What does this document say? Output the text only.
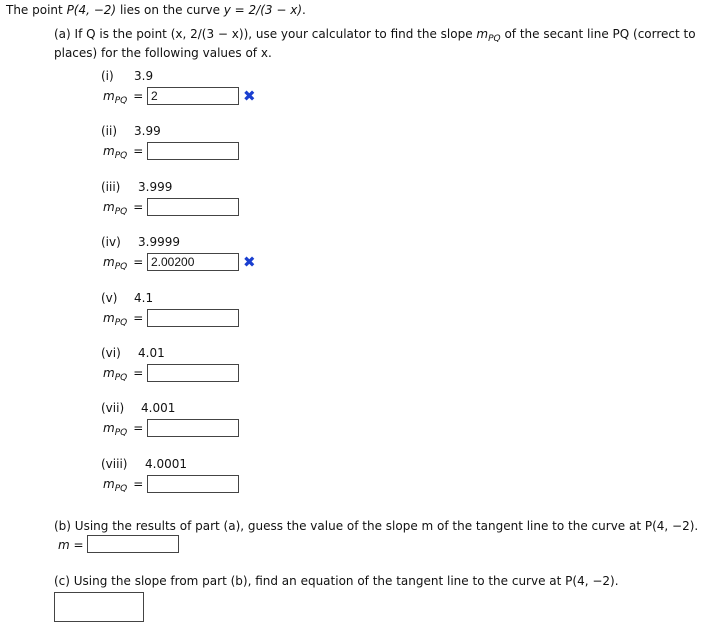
The point P(4, −2) lies on the curve y = 2/(3 − x).
(a) If Q is the point (x, 2/(3 − x)), use your calculator to find the slope $m_{PQ}$ of the secant line PQ (correct to
places) for the following values of x.
(i) 3.9
$m_{PQ} = 2$	✖
(ii) 3.99
$m_{PQ}$ =
(iii) 3.999
$m_{PQ}$ =
(iv) 3.9999
$m_{PQ} = 2.00200$	✖
(v) 4.1
$m_{PQ}$ =
(vi) 4.01
$m_{PQ}$ =
(vii) 4.001
$m_{PQ}$ =
(viii) 4.0001
$m_{PQ}$ =
(b) Using the results of part (a), guess the value of the slope m of the tangent line to the curve at P(4, −2).
m =
(c) Using the slope from part (b), find an equation of the tangent line to the curve at P(4, −2).
